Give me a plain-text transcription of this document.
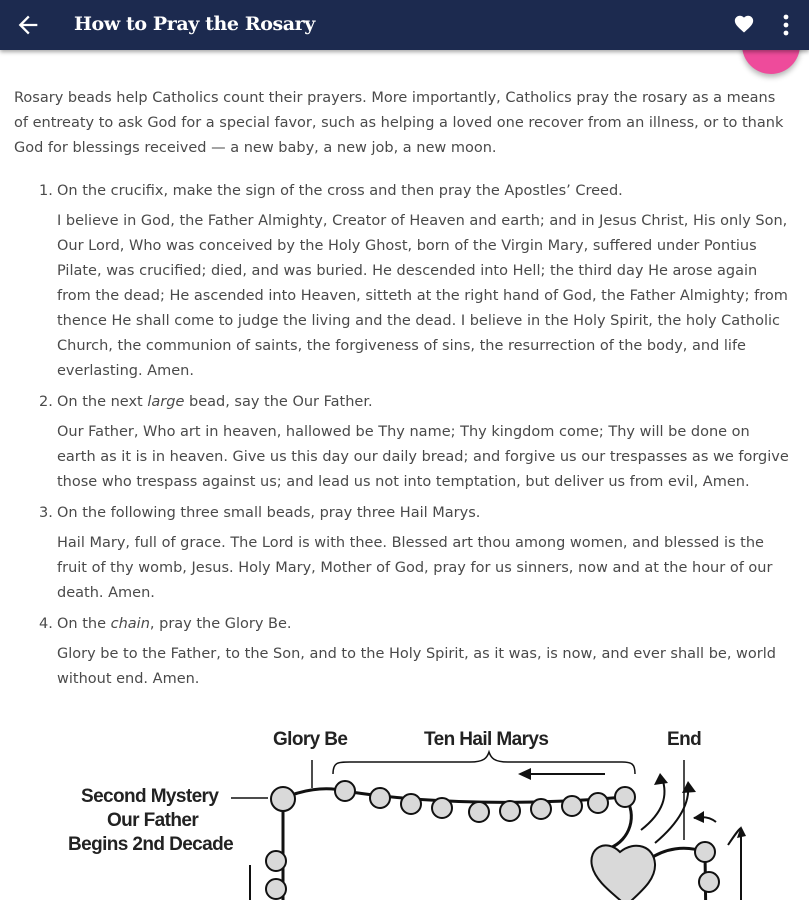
How to Pray the Rosary

Rosary beads help Catholics count their prayers. More importantly, Catholics pray the rosary as a means of entreaty to ask God for a special favor, such as helping a loved one recover from an illness, or to thank God for blessings received — a new baby, a new job, a new moon.

1. On the crucifix, make the sign of the cross and then pray the Apostles’ Creed.
I believe in God, the Father Almighty, Creator of Heaven and earth; and in Jesus Christ, His only Son, Our Lord, Who was conceived by the Holy Ghost, born of the Virgin Mary, suffered under Pontius Pilate, was crucified; died, and was buried. He descended into Hell; the third day He arose again from the dead; He ascended into Heaven, sitteth at the right hand of God, the Father Almighty; from thence He shall come to judge the living and the dead. I believe in the Holy Spirit, the holy Catholic Church, the communion of saints, the forgiveness of sins, the resurrection of the body, and life everlasting. Amen.
2. On the next large bead, say the Our Father.
Our Father, Who art in heaven, hallowed be Thy name; Thy kingdom come; Thy will be done on earth as it is in heaven. Give us this day our daily bread; and forgive us our trespasses as we forgive those who trespass against us; and lead us not into temptation, but deliver us from evil, Amen.
3. On the following three small beads, pray three Hail Marys.
Hail Mary, full of grace. The Lord is with thee. Blessed art thou among women, and blessed is the fruit of thy womb, Jesus. Holy Mary, Mother of God, pray for us sinners, now and at the hour of our death. Amen.
4. On the chain, pray the Glory Be.
Glory be to the Father, to the Son, and to the Holy Spirit, as it was, is now, and ever shall be, world without end. Amen.
Glory Be	Ten Hail Marys	End
Second Mystery
Our Father
Begins 2nd Decade
